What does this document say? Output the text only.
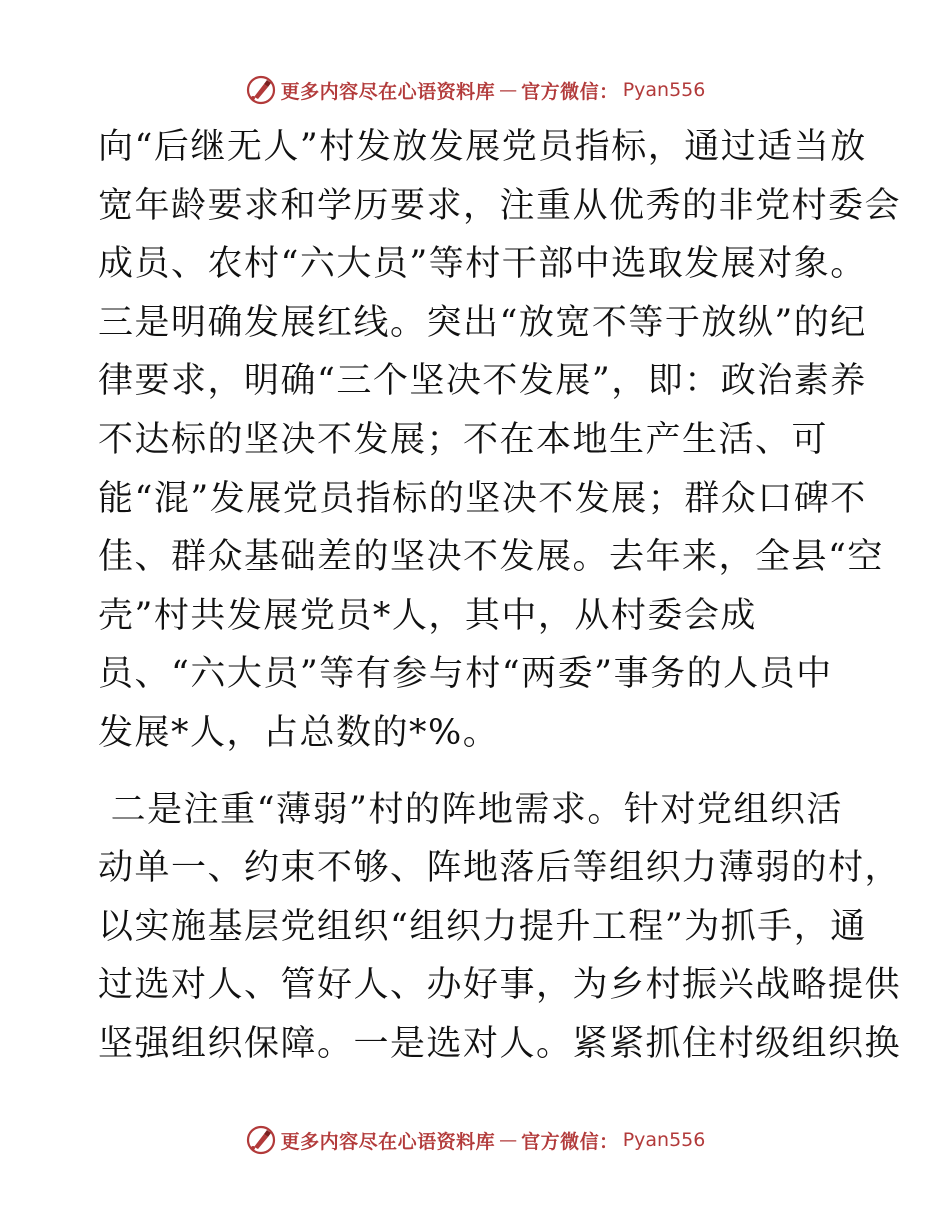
更多内容尽在心语资料库 — 官方微信： Pyan556
向“后继无人”村发放发展党员指标，通过适当放
宽年龄要求和学历要求，注重从优秀的非党村委会
成员、农村“六大员”等村干部中选取发展对象。
三是明确发展红线。突出“放宽不等于放纵”的纪
律要求，明确“三个坚决不发展”，即：政治素养
不达标的坚决不发展；不在本地生产生活、可
能“混”发展党员指标的坚决不发展；群众口碑不
佳、群众基础差的坚决不发展。去年来，全县“空
壳”村共发展党员*人，其中，从村委会成
员、“六大员”等有参与村“两委”事务的人员中
发展*人，占总数的*%。
二是注重“薄弱”村的阵地需求。针对党组织活
动单一、约束不够、阵地落后等组织力薄弱的村，
以实施基层党组织“组织力提升工程”为抓手，通
过选对人、管好人、办好事，为乡村振兴战略提供
坚强组织保障。一是选对人。紧紧抓住村级组织换
更多内容尽在心语资料库 — 官方微信： Pyan556
